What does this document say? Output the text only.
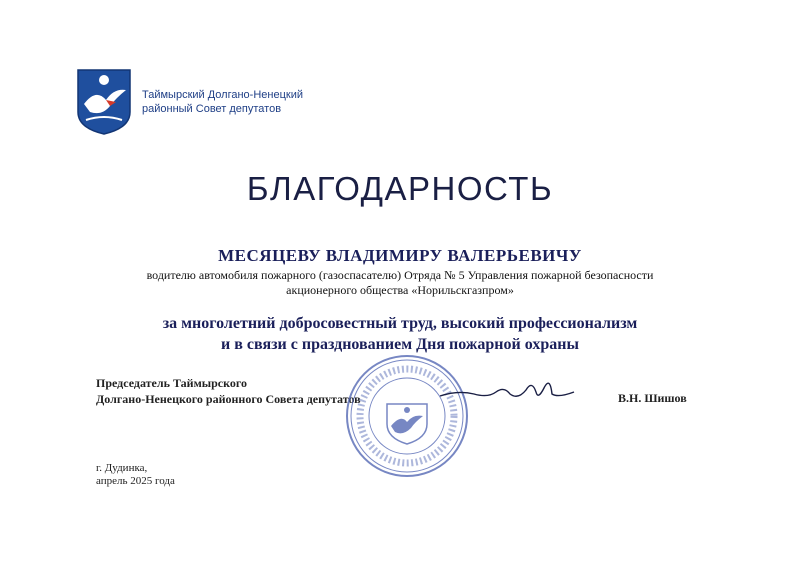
Таймырский Долгано-Ненецкий
районный Совет депутатов
БЛАГОДАРНОСТЬ
МЕСЯЦЕВУ ВЛАДИМИРУ ВАЛЕРЬЕВИЧУ
водителю автомобиля пожарного (газоспасателю) Отряда № 5 Управления пожарной безопасности
акционерного общества «Норильскгазпром»
за многолетний добросовестный труд, высокий профессионализм
и в связи с празднованием Дня пожарной охраны
Председатель Таймырского
Долгано-Ненецкого районного Совета депутатов	В.Н. Шишов
г. Дудинка,
апрель 2025 года
